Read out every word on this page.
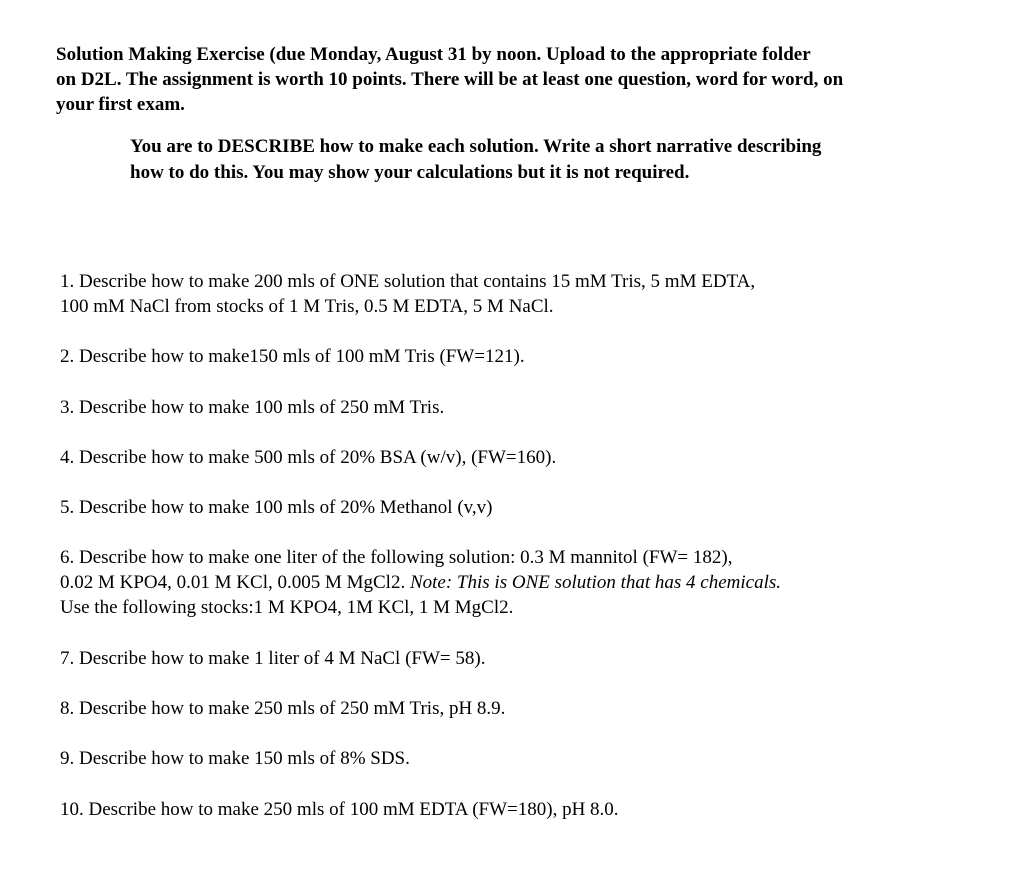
Solution Making Exercise (due Monday, August 31 by noon. Upload to the appropriate folder
on D2L. The assignment is worth 10 points. There will be at least one question, word for word, on
your first exam.
You are to DESCRIBE how to make each solution. Write a short narrative describing
how to do this. You may show your calculations but it is not required.
1. Describe how to make 200 mls of ONE solution that contains 15 mM Tris, 5 mM EDTA,
100 mM NaCl from stocks of 1 M Tris, 0.5 M EDTA, 5 M NaCl.
2. Describe how to make150 mls of 100 mM Tris (FW=121).
3. Describe how to make 100 mls of 250 mM Tris.
4. Describe how to make 500 mls of 20% BSA (w/v), (FW=160).
5. Describe how to make 100 mls of 20% Methanol (v,v)
6. Describe how to make one liter of the following solution: 0.3 M mannitol (FW= 182),
0.02 M KPO4, 0.01 M KCl, 0.005 M MgCl2. Note: This is ONE solution that has 4 chemicals.
Use the following stocks:1 M KPO4, 1M KCl, 1 M MgCl2.
7. Describe how to make 1 liter of 4 M NaCl (FW= 58).
8. Describe how to make 250 mls of 250 mM Tris, pH 8.9.
9. Describe how to make 150 mls of 8% SDS.
10. Describe how to make 250 mls of 100 mM EDTA (FW=180), pH 8.0.
